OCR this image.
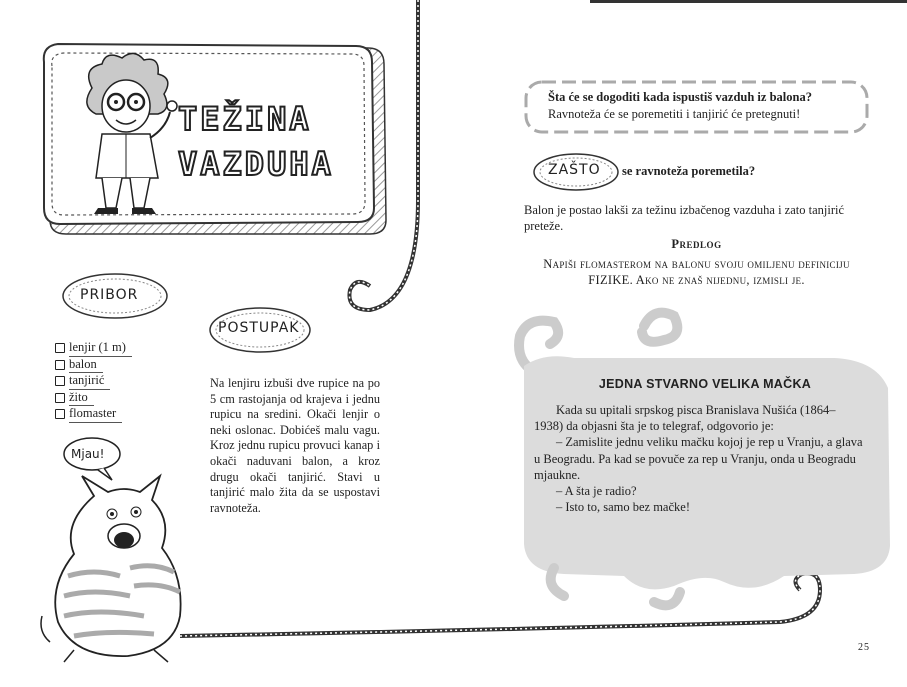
TEŽINA
VAZDUHA
PRIBOR
lenjir (1 m)
balon
tanjirić
žito
flomaster
POSTUPAK

Na lenjiru izbuši dve rupice na po 5 cm rastojanja od krajeva i jednu rupicu na sredini. Okači lenjir o neki oslonac. Dobićeš malu vagu. Kroz jednu rupicu provuci kanap i okači naduvani balon, a kroz drugu okači tanjirić. Stavi u tanjirić malo žita da se uspostavi ravnoteža.

Mjau!
Šta će se dogoditi kada ispustiš vazduh iz balona?
Ravnoteža će se poremetiti i tanjirić će pretegnuti!
ZAŠTO se ravnoteža poremetila?

Balon je postao lakši za težinu izbačenog vazduha i zato tanjirić preteže.

Predlog

Napiši flomasterom na balonu svoju omiljenu definiciju FIZIKE. Ako ne znaš nijednu, izmisli je.

JEDNA STVARNO VELIKA MAČKA

Kada su upitali srpskog pisca Branislava Nušića (1864–1938) da objasni šta je to telegraf, odgovorio je:

– Zamislite jednu veliku mačku kojoj je rep u Vranju, a glava u Beogradu. Pa kad se povuče za rep u Vranju, onda u Beogradu mjaukne.

– A šta je radio?

– Isto to, samo bez mačke!

25
